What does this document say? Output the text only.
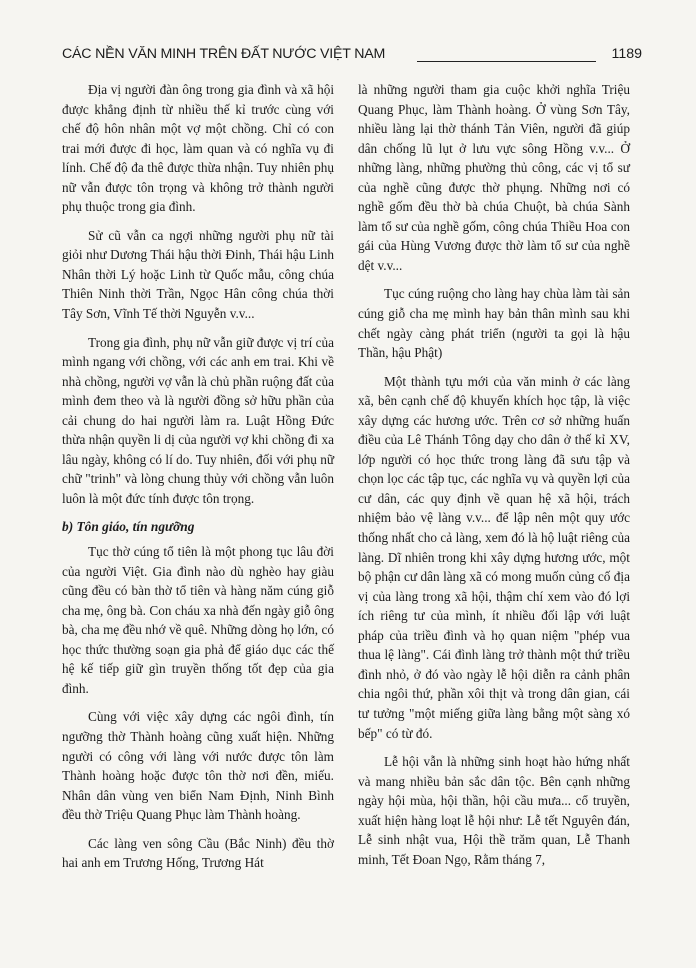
CÁC NỀN VĂN MINH TRÊN ĐẤT NƯỚC VIỆT NAM	1189

Địa vị người đàn ông trong gia đình và xã hội được khẳng định từ nhiều thế kỉ trước cùng với chế độ hôn nhân một vợ một chồng. Chỉ có con trai mới được đi học, làm quan và có nghĩa vụ đi lính. Chế độ đa thê được thừa nhận. Tuy nhiên phụ nữ vẫn được tôn trọng và không trở thành người phụ thuộc trong gia đình.

Sử cũ vẫn ca ngợi những người phụ nữ tài giỏi như Dương Thái hậu thời Đinh, Thái hậu Linh Nhân thời Lý hoặc Linh từ Quốc mẫu, công chúa Thiên Ninh thời Trần, Ngọc Hân công chúa thời Tây Sơn, Vĩnh Tế thời Nguyễn v.v...

Trong gia đình, phụ nữ vẫn giữ được vị trí của mình ngang với chồng, với các anh em trai. Khi về nhà chồng, người vợ vẫn là chủ phần ruộng đất của mình đem theo và là người đồng sở hữu phần của cải chung do hai người làm ra. Luật Hồng Đức thừa nhận quyền li dị của người vợ khi chồng đi xa lâu ngày, không có lí do. Tuy nhiên, đối với phụ nữ chữ "trinh" và lòng chung thủy với chồng vẫn luôn luôn là một đức tính được tôn trọng.

b) Tôn giáo, tín ngưỡng

Tục thờ cúng tổ tiên là một phong tục lâu đời của người Việt. Gia đình nào dù nghèo hay giàu cũng đều có bàn thờ tổ tiên và hàng năm cúng giỗ cha mẹ, ông bà. Con cháu xa nhà đến ngày giỗ ông bà, cha mẹ đều nhớ về quê. Những dòng họ lớn, có học thức thường soạn gia phả để giáo dục các thế hệ kế tiếp giữ gìn truyền thống tốt đẹp của gia đình.

Cùng với việc xây dựng các ngôi đình, tín ngưỡng thờ Thành hoàng cũng xuất hiện. Những người có công với làng với nước được tôn làm Thành hoàng hoặc được tôn thờ nơi đền, miếu. Nhân dân vùng ven biển Nam Định, Ninh Bình đều thờ Triệu Quang Phục làm Thành hoàng.

Các làng ven sông Cầu (Bắc Ninh) đều thờ hai anh em Trương Hống, Trương Hát

là những người tham gia cuộc khởi nghĩa Triệu Quang Phục, làm Thành hoàng. Ở vùng Sơn Tây, nhiều làng lại thờ thánh Tản Viên, người đã giúp dân chống lũ lụt ở lưu vực sông Hồng v.v... Ở những làng, những phường thủ công, các vị tổ sư của nghề cũng được thờ phụng. Những nơi có nghề gốm đều thờ bà chúa Chuột, bà chúa Sành làm tổ sư của nghề gốm, công chúa Thiều Hoa con gái của Hùng Vương được thờ làm tổ sư của nghề dệt v.v...

Tục cúng ruộng cho làng hay chùa làm tài sản cúng giỗ cha mẹ mình hay bản thân mình sau khi chết ngày càng phát triển (người ta gọi là hậu Thần, hậu Phật)

Một thành tựu mới của văn minh ở các làng xã, bên cạnh chế độ khuyến khích học tập, là việc xây dựng các hương ước. Trên cơ sở những huấn điều của Lê Thánh Tông dạy cho dân ở thế kỉ XV, lớp người có học thức trong làng đã sưu tập và chọn lọc các tập tục, các nghĩa vụ và quyền lợi của cư dân, các quy định về quan hệ xã hội, trách nhiệm bảo vệ làng v.v... để lập nên một quy ước thống nhất cho cả làng, xem đó là hộ luật riêng của làng. Dĩ nhiên trong khi xây dựng hương ước, một bộ phận cư dân làng xã có mong muốn củng cố địa vị của làng trong xã hội, thậm chí xem vào đó lợi ích riêng tư của mình, ít nhiều đối lập với luật pháp của triều đình và họ quan niệm "phép vua thua lệ làng". Cái đình làng trở thành một thứ triều đình nhỏ, ở đó vào ngày lễ hội diễn ra cảnh phân chia ngôi thứ, phần xôi thịt và trong dân gian, cái tư tưởng "một miếng giữa làng bằng một sàng xó bếp" có từ đó.

Lễ hội vẫn là những sinh hoạt hào hứng nhất và mang nhiều bản sắc dân tộc. Bên cạnh những ngày hội mùa, hội thần, hội cầu mưa... cổ truyền, xuất hiện hàng loạt lễ hội như: Lễ tết Nguyên đán, Lễ sinh nhật vua, Hội thề trăm quan, Lễ Thanh minh, Tết Đoan Ngọ, Rằm tháng 7,
